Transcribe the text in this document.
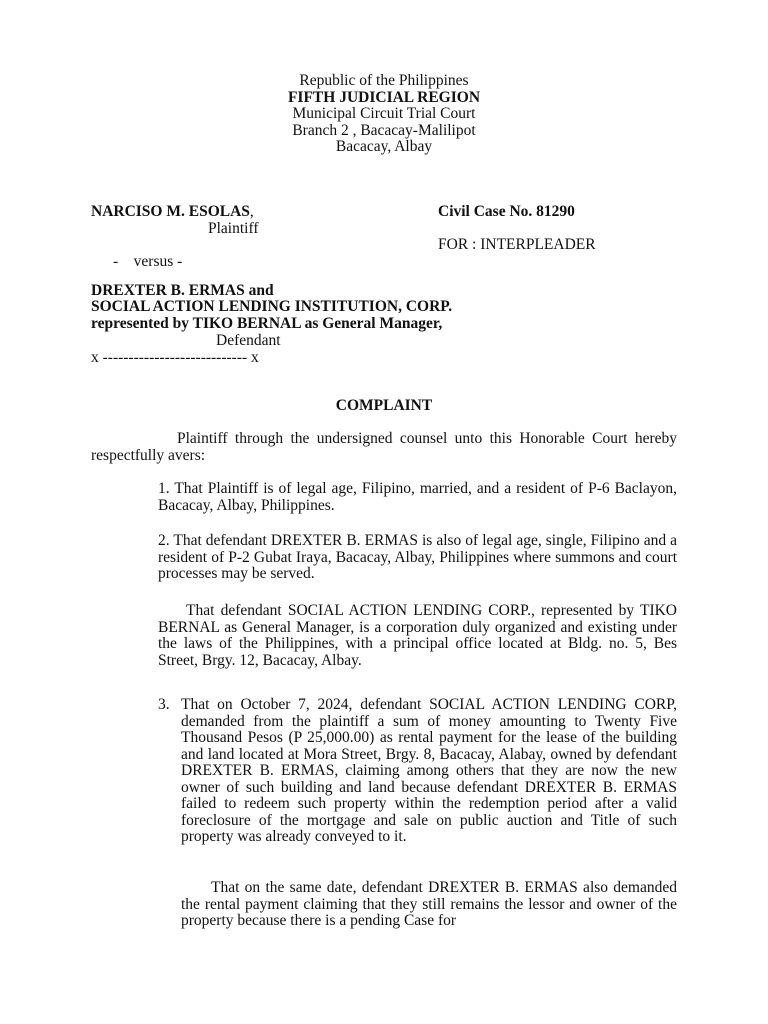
Republic of the Philippines
FIFTH JUDICIAL REGION
Municipal Circuit Trial Court
Branch 2 , Bacacay-Malilipot
Bacacay, Albay
NARCISO M. ESOLAS,
Plaintiff
Civil Case No. 81290
FOR : INTERPLEADER
-    versus -
DREXTER B. ERMAS and
SOCIAL ACTION LENDING INSTITUTION, CORP.
represented by TIKO BERNAL as General Manager,
Defendant
x ---------------------------- x
COMPLAINT
Plaintiff through the undersigned counsel unto this Honorable Court hereby respectfully avers:
1. That Plaintiff is of legal age, Filipino, married, and a resident of P-6 Baclayon, Bacacay, Albay, Philippines.
2. That defendant DREXTER B. ERMAS is also of legal age, single, Filipino and a resident of P-2 Gubat Iraya, Bacacay, Albay, Philippines where summons and court processes may be served.
That defendant SOCIAL ACTION LENDING CORP., represented by TIKO BERNAL as General Manager, is a corporation duly organized and existing under the laws of the Philippines, with a principal office located at Bldg. no. 5, Bes Street, Brgy. 12, Bacacay, Albay.
3. That on October 7, 2024, defendant SOCIAL ACTION LENDING CORP, demanded from the plaintiff a sum of money amounting to Twenty Five Thousand Pesos (P 25,000.00) as rental payment for the lease of the building and land located at Mora Street, Brgy. 8, Bacacay, Alabay, owned by defendant DREXTER B. ERMAS, claiming among others that they are now the new owner of such building and land because defendant DREXTER B. ERMAS failed to redeem such property within the redemption period after a valid foreclosure of the mortgage and sale on public auction and Title of such property was already conveyed to it.
That on the same date, defendant DREXTER B. ERMAS also demanded the rental payment claiming that they still remains the lessor and owner of the property because there is a pending Case for
